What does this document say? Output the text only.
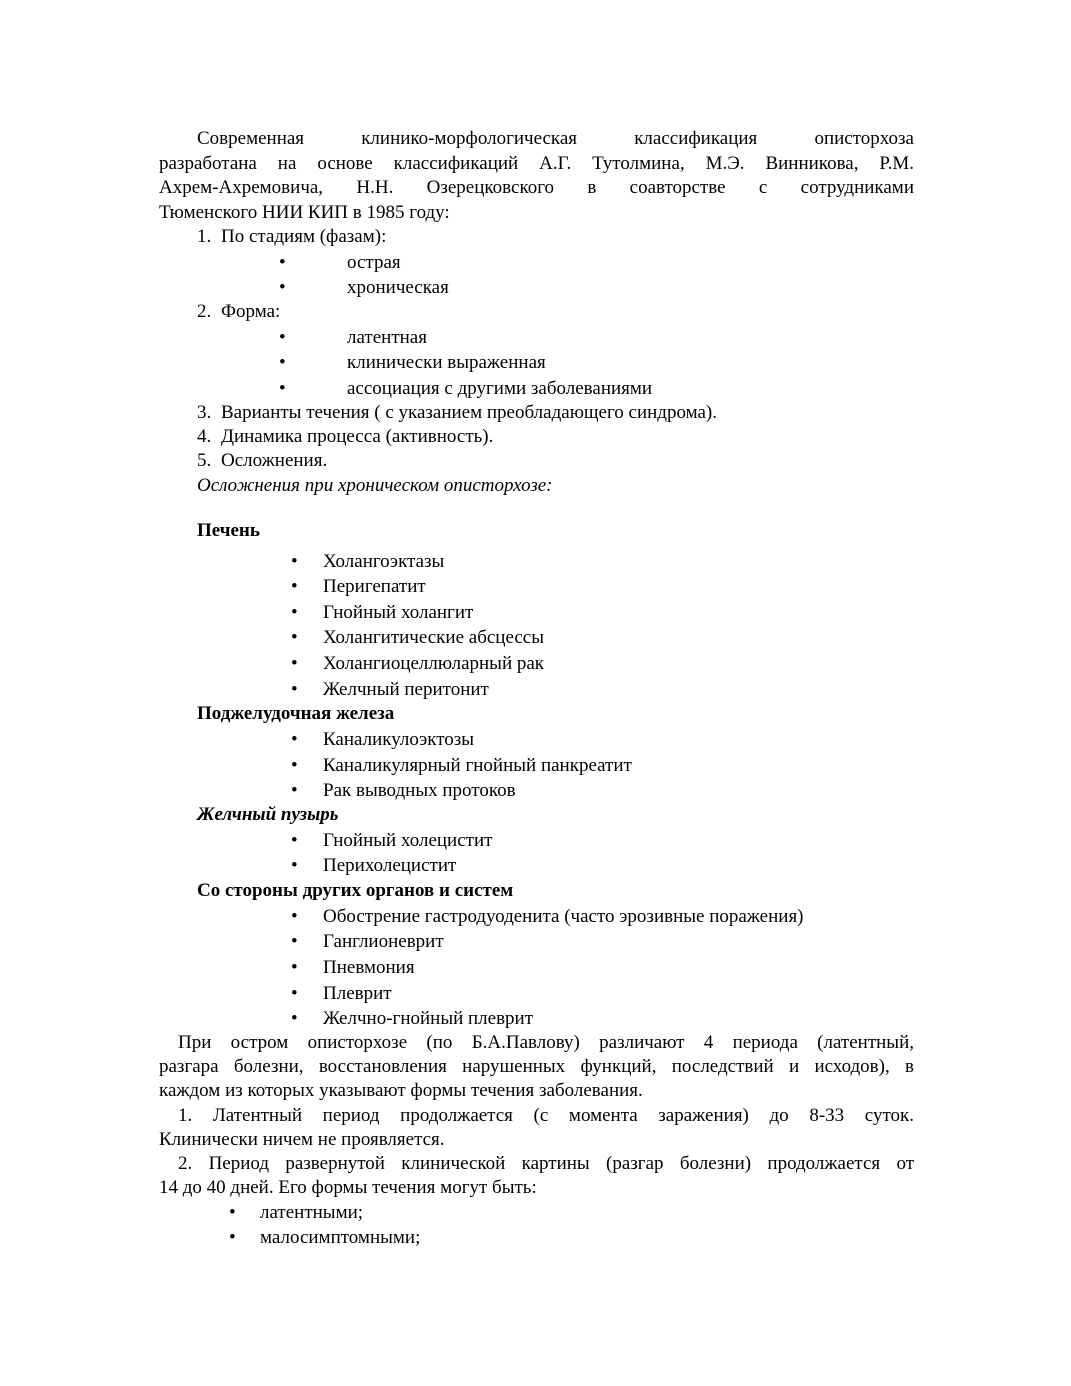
Современная клинико-морфологическая классификация описторхоза
разработана на основе классификаций А.Г. Тутолмина, М.Э. Винникова, Р.М.
Ахрем-Ахремовича, Н.Н. Озерецковского в соавторстве с сотрудниками
Тюменского НИИ КИП в 1985 году:
1. По стадиям (фазам):
•	острая
•	хроническая
2. Форма:
•	латентная
•	клинически выраженная
•	ассоциация с другими заболеваниями
3. Варианты течения ( с указанием преобладающего синдрома).
4. Динамика процесса (активность).
5. Осложнения.
Осложнения при хроническом описторхозе:
Печень
• Холангоэктазы
• Перигепатит
• Гнойный холангит
• Холангитические абсцессы
• Холангиоцеллюларный рак
• Желчный перитонит
Поджелудочная железа
• Каналикулоэктозы
• Каналикулярный гнойный панкреатит
• Рак выводных протоков
Желчный пузырь
• Гнойный холецистит
• Перихолецистит
Со стороны других органов и систем
• Обострение гастродуоденита (часто эрозивные поражения)
• Ганглионеврит
• Пневмония
• Плеврит
• Желчно-гнойный плеврит
При остром описторхозе (по Б.А.Павлову) различают 4 периода (латентный,
разгара болезни, восстановления нарушенных функций, последствий и исходов), в
каждом из которых указывают формы течения заболевания.
1. Латентный период продолжается (с момента заражения) до 8-33 суток.
Клинически ничем не проявляется.
2. Период развернутой клинической картины (разгар болезни) продолжается от
14 до 40 дней. Его формы течения могут быть:
• латентными;
• малосимптомными;
